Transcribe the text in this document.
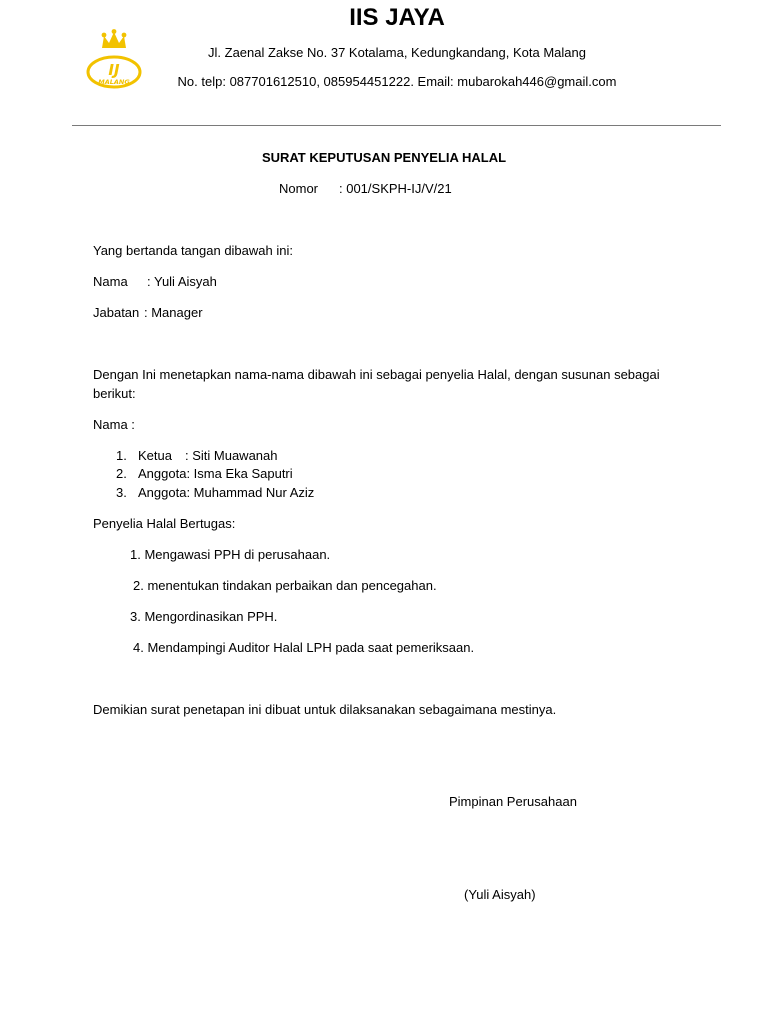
IIS JAYA
Jl. Zaenal Zakse No. 37 Kotalama, Kedungkandang, Kota Malang
No. telp: 087701612510, 085954451222. Email: mubarokah446@gmail.com
IJ
MALANG
SURAT KEPUTUSAN PENYELIA HALAL
Nomor : 001/SKPH-IJ/V/21
Yang bertanda tangan dibawah ini:
Nama : Yuli Aisyah
Jabatan : Manager
Dengan Ini menetapkan nama-nama dibawah ini sebagai penyelia Halal, dengan susunan sebagai
berikut:
Nama :
1. Ketua : Siti Muawanah
2. Anggota: Isma Eka Saputri
3. Anggota: Muhammad Nur Aziz
Penyelia Halal Bertugas:
1. Mengawasi PPH di perusahaan.
2. menentukan tindakan perbaikan dan pencegahan.
3. Mengordinasikan PPH.
4. Mendampingi Auditor Halal LPH pada saat pemeriksaan.
Demikian surat penetapan ini dibuat untuk dilaksanakan sebagaimana mestinya.
Pimpinan Perusahaan
(Yuli Aisyah)
